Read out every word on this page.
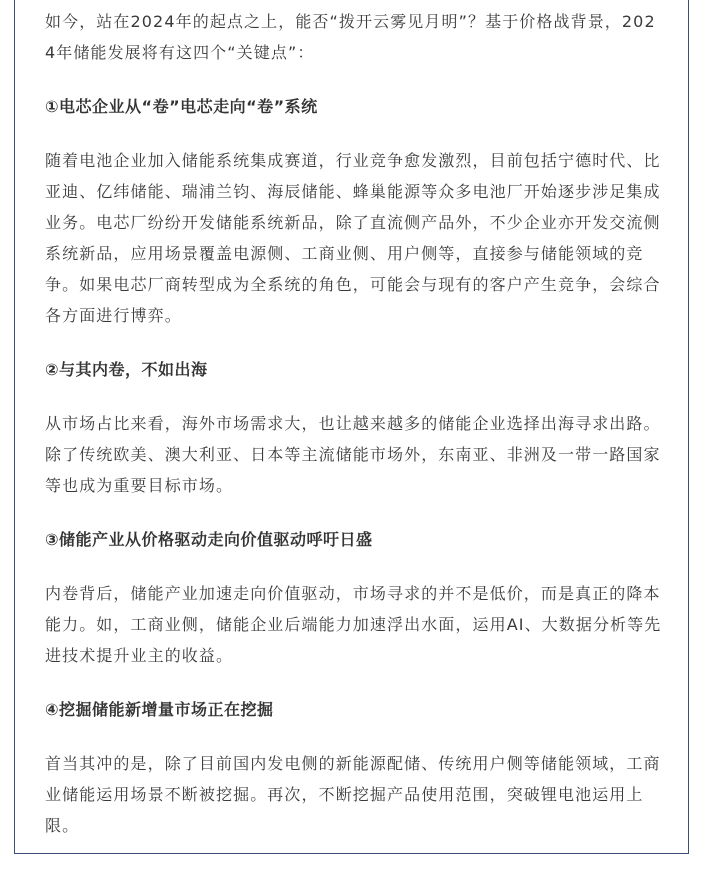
如今，站在2024年的起点之上，能否“拨开云雾见月明”？基于价格战背景，2024年储能发展将有这四个“关键点”：

①电芯企业从“卷”电芯走向“卷”系统

随着电池企业加入储能系统集成赛道，行业竞争愈发激烈，目前包括宁德时代、比亚迪、亿纬储能、瑞浦兰钧、海辰储能、蜂巢能源等众多电池厂开始逐步涉足集成业务。电芯厂纷纷开发储能系统新品，除了直流侧产品外，不少企业亦开发交流侧系统新品，应用场景覆盖电源侧、工商业侧、用户侧等，直接参与储能领域的竞争。如果电芯厂商转型成为全系统的角色，可能会与现有的客户产生竞争，会综合各方面进行博弈。

②与其内卷，不如出海

从市场占比来看，海外市场需求大，也让越来越多的储能企业选择出海寻求出路。除了传统欧美、澳大利亚、日本等主流储能市场外，东南亚、非洲及一带一路国家等也成为重要目标市场。

③储能产业从价格驱动走向价值驱动呼吁日盛

内卷背后，储能产业加速走向价值驱动，市场寻求的并不是低价，而是真正的降本能力。如，工商业侧，储能企业后端能力加速浮出水面，运用AI、大数据分析等先进技术提升业主的收益。

④挖掘储能新增量市场正在挖掘

首当其冲的是，除了目前国内发电侧的新能源配储、传统用户侧等储能领域，工商业储能运用场景不断被挖掘。再次，不断挖掘产品使用范围，突破锂电池运用上限。
